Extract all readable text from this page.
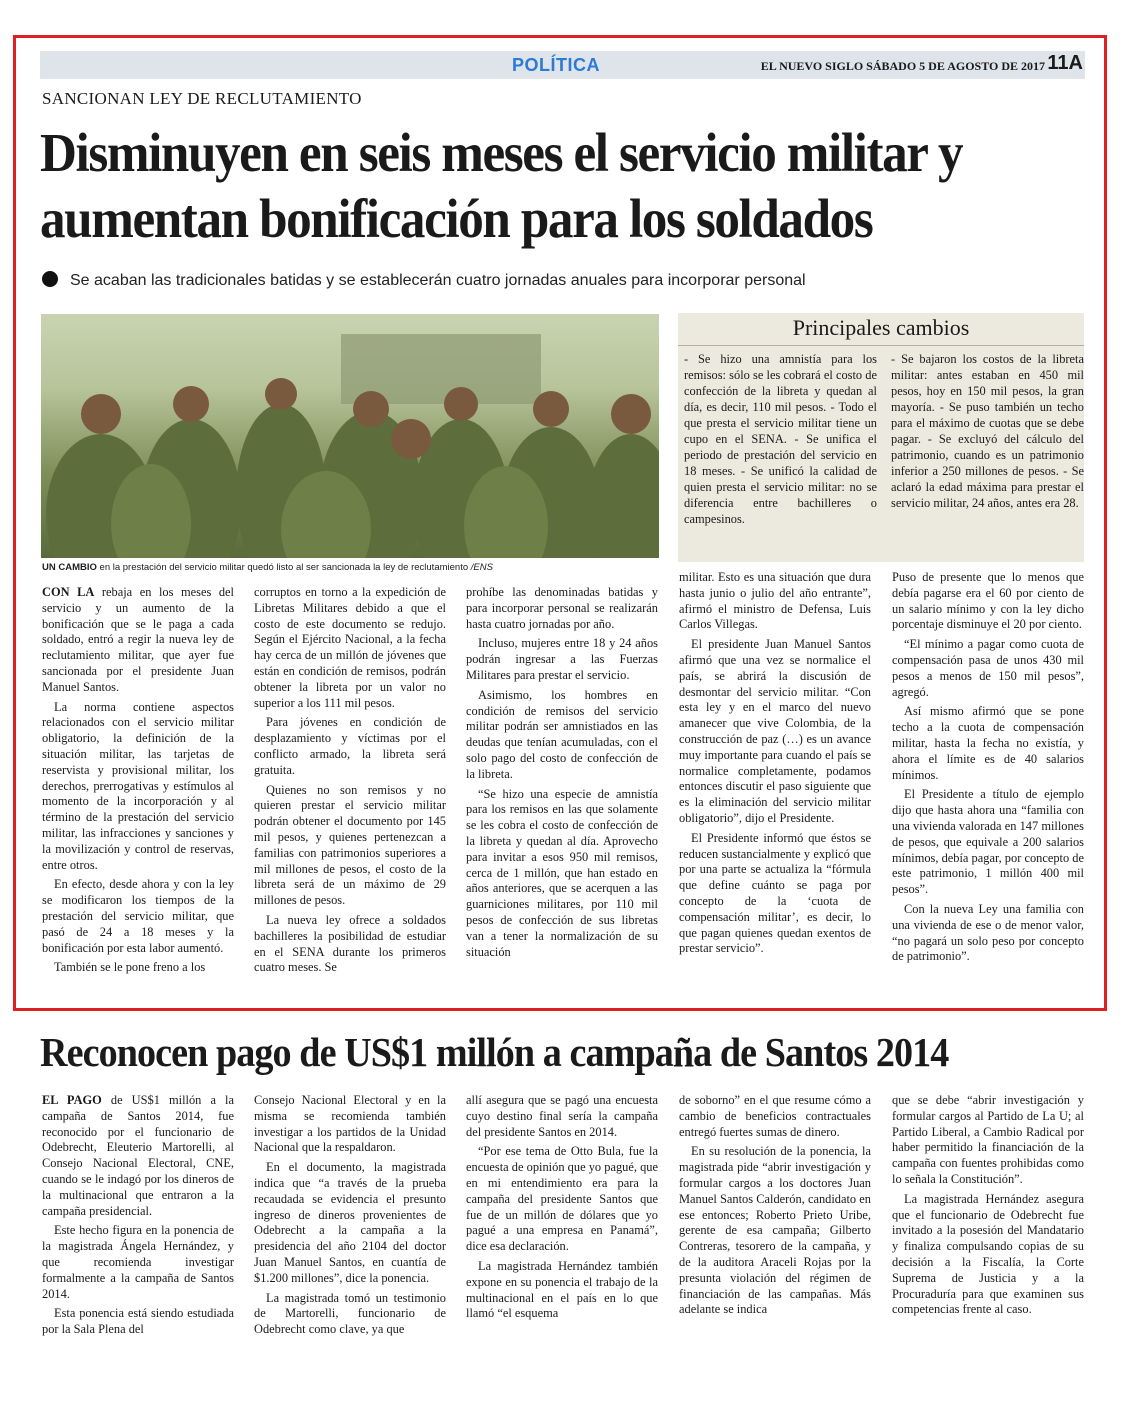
POLÍTICA	EL NUEVO SIGLO SÁBADO 5 DE AGOSTO DE 2017 11A
SANCIONAN LEY DE RECLUTAMIENTO
Disminuyen en seis meses el servicio militar y aumentan bonificación para los soldados
Se acaban las tradicionales batidas y se establecerán cuatro jornadas anuales para incorporar personal
UN CAMBIO en la prestación del servicio militar quedó listo al ser sancionada la ley de reclutamiento /ENS
Principales cambios
- Se hizo una amnistía para los remisos: sólo se les cobrará el costo de confección de la libreta y quedan al día, es decir, 110 mil pesos. - Todo el que presta el servicio militar tiene un cupo en el SENA. - Se unifica el periodo de prestación del servicio en 18 meses. - Se unificó la calidad de quien presta el servicio militar: no se diferencia entre bachilleres o campesinos.
- Se bajaron los costos de la libreta militar: antes estaban en 450 mil pesos, hoy en 150 mil pesos, la gran mayoría. - Se puso también un techo para el máximo de cuotas que se debe pagar. - Se excluyó del cálculo del patrimonio, cuando es un patrimonio inferior a 250 millones de pesos. - Se aclaró la edad máxima para prestar el servicio militar, 24 años, antes era 28.

CON LA rebaja en los meses del servicio y un aumento de la bonificación que se le paga a cada soldado, entró a regir la nueva ley de reclutamiento militar, que ayer fue sancionada por el presidente Juan Manuel Santos.

La norma contiene aspectos relacionados con el servicio militar obligatorio, la definición de la situación militar, las tarjetas de reservista y provisional militar, los derechos, prerrogativas y estímulos al momento de la incorporación y al término de la prestación del servicio militar, las infracciones y sanciones y la movilización y control de reservas, entre otros.

En efecto, desde ahora y con la ley se modificaron los tiempos de la prestación del servicio militar, que pasó de 24 a 18 meses y la bonificación por esta labor aumentó.

También se le pone freno a los

corruptos en torno a la expedición de Libretas Militares debido a que el costo de este documento se redujo. Según el Ejército Nacional, a la fecha hay cerca de un millón de jóvenes que están en condición de remisos, podrán obtener la libreta por un valor no superior a los 111 mil pesos.

Para jóvenes en condición de desplazamiento y víctimas por el conflicto armado, la libreta será gratuita.

Quienes no son remisos y no quieren prestar el servicio militar podrán obtener el documento por 145 mil pesos, y quienes pertenezcan a familias con patrimonios superiores a mil millones de pesos, el costo de la libreta será de un máximo de 29 millones de pesos.

La nueva ley ofrece a soldados bachilleres la posibilidad de estudiar en el SENA durante los primeros cuatro meses. Se

prohíbe las denominadas batidas y para incorporar personal se realizarán hasta cuatro jornadas por año.

Incluso, mujeres entre 18 y 24 años podrán ingresar a las Fuerzas Militares para prestar el servicio.

Asimismo, los hombres en condición de remisos del servicio militar podrán ser amnistiados en las deudas que tenían acumuladas, con el solo pago del costo de confección de la libreta.

“Se hizo una especie de amnistía para los remisos en las que solamente se les cobra el costo de confección de la libreta y quedan al día. Aprovecho para invitar a esos 950 mil remisos, cerca de 1 millón, que han estado en años anteriores, que se acerquen a las guarniciones militares, por 110 mil pesos de confección de sus libretas van a tener la normalización de su situación

militar. Esto es una situación que dura hasta junio o julio del año entrante”, afirmó el ministro de Defensa, Luis Carlos Villegas.

El presidente Juan Manuel Santos afirmó que una vez se normalice el país, se abrirá la discusión de desmontar del servicio militar. “Con esta ley y en el marco del nuevo amanecer que vive Colombia, de la construcción de paz (…) es un avance muy importante para cuando el país se normalice completamente, podamos entonces discutir el paso siguiente que es la eliminación del servicio militar obligatorio”, dijo el Presidente.

El Presidente informó que éstos se reducen sustancialmente y explicó que por una parte se actualiza la “fórmula que define cuánto se paga por concepto de la ‘cuota de compensación militar’, es decir, lo que pagan quienes quedan exentos de prestar servicio”.

Puso de presente que lo menos que debía pagarse era el 60 por ciento de un salario mínimo y con la ley dicho porcentaje disminuye el 20 por ciento.

“El mínimo a pagar como cuota de compensación pasa de unos 430 mil pesos a menos de 150 mil pesos”, agregó.

Así mismo afirmó que se pone techo a la cuota de compensación militar, hasta la fecha no existía, y ahora el límite es de 40 salarios mínimos.

El Presidente a título de ejemplo dijo que hasta ahora una “familia con una vivienda valorada en 147 millones de pesos, que equivale a 200 salarios mínimos, debía pagar, por concepto de este patrimonio, 1 millón 400 mil pesos”.

Con la nueva Ley una familia con una vivienda de ese o de menor valor, “no pagará un solo peso por concepto de patrimonio”.

Reconocen pago de US$1 millón a campaña de Santos 2014

EL PAGO de US$1 millón a la campaña de Santos 2014, fue reconocido por el funcionario de Odebrecht, Eleuterio Martorelli, al Consejo Nacional Electoral, CNE, cuando se le indagó por los dineros de la multinacional que entraron a la campaña presidencial.

Este hecho figura en la ponencia de la magistrada Ángela Hernández, y que recomienda investigar formalmente a la campaña de Santos 2014.

Esta ponencia está siendo estudiada por la Sala Plena del

Consejo Nacional Electoral y en la misma se recomienda también investigar a los partidos de la Unidad Nacional que la respaldaron.

En el documento, la magistrada indica que “a través de la prueba recaudada se evidencia el presunto ingreso de dineros provenientes de Odebrecht a la campaña a la presidencia del año 2104 del doctor Juan Manuel Santos, en cuantía de $1.200 millones”, dice la ponencia.

La magistrada tomó un testimonio de Martorelli, funcionario de Odebrecht como clave, ya que

allí asegura que se pagó una encuesta cuyo destino final sería la campaña del presidente Santos en 2014.

“Por ese tema de Otto Bula, fue la encuesta de opinión que yo pagué, que en mi entendimiento era para la campaña del presidente Santos que fue de un millón de dólares que yo pagué a una empresa en Panamá”, dice esa declaración.

La magistrada Hernández también expone en su ponencia el trabajo de la multinacional en el país en lo que llamó “el esquema

de soborno” en el que resume cómo a cambio de beneficios contractuales entregó fuertes sumas de dinero.

En su resolución de la ponencia, la magistrada pide “abrir investigación y formular cargos a los doctores Juan Manuel Santos Calderón, candidato en ese entonces; Roberto Prieto Uribe, gerente de esa campaña; Gilberto Contreras, tesorero de la campaña, y de la auditora Araceli Rojas por la presunta violación del régimen de financiación de las campañas. Más adelante se indica

que se debe “abrir investigación y formular cargos al Partido de La U; al Partido Liberal, a Cambio Radical por haber permitido la financiación de la campaña con fuentes prohibidas como lo señala la Constitución”.

La magistrada Hernández asegura que el funcionario de Odebrecht fue invitado a la posesión del Mandatario y finaliza compulsando copias de su decisión a la Fiscalía, la Corte Suprema de Justicia y a la Procuraduría para que examinen sus competencias frente al caso.
